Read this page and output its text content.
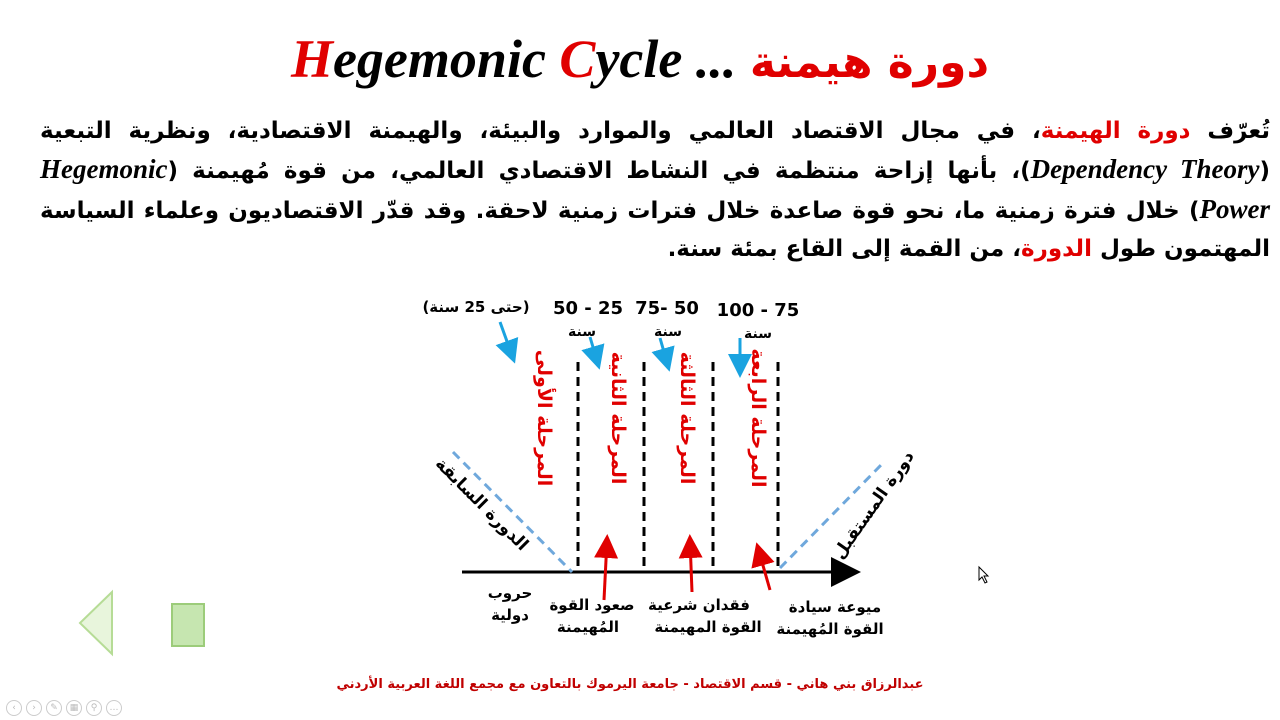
Hegemonic Cycle ... دورة هيمنة
تُعرّف دورة الهيمنة، في مجال الاقتصاد العالمي والموارد والبيئة، والهيمنة الاقتصادية، ونظرية التبعية (Dependency Theory)، بأنها إزاحة منتظمة في النشاط الاقتصادي العالمي، من قوة مُهيمنة (Hegemonic Power) خلال فترة زمنية ما، نحو قوة صاعدة خلال فترات زمنية لاحقة. وقد قدّر الاقتصاديون وعلماء السياسة المهتمون طول الدورة، من القمة إلى القاع بمئة سنة.
(حتى 25 سنة) 50 - 25
سنة
75- 50
سنة
100 - 75
سنة
المرحلة الأولى	المرحلة الثانية المرحلة الثالثة	المرحلة الرابعة
الدورة السابقة	دورة المستقبل
حروب
دولية
صعود القوة
المُهيمنة
فقدان شرعية
القوة المهيمنة
ميوعة سيادة
القوة المُهيمنة
عبدالرزاق بني هاني - قسم الاقتصاد - جامعة اليرموك بالتعاون مع مجمع اللغة العربية الأردني
‹	›	✎	▦	⚲	…
